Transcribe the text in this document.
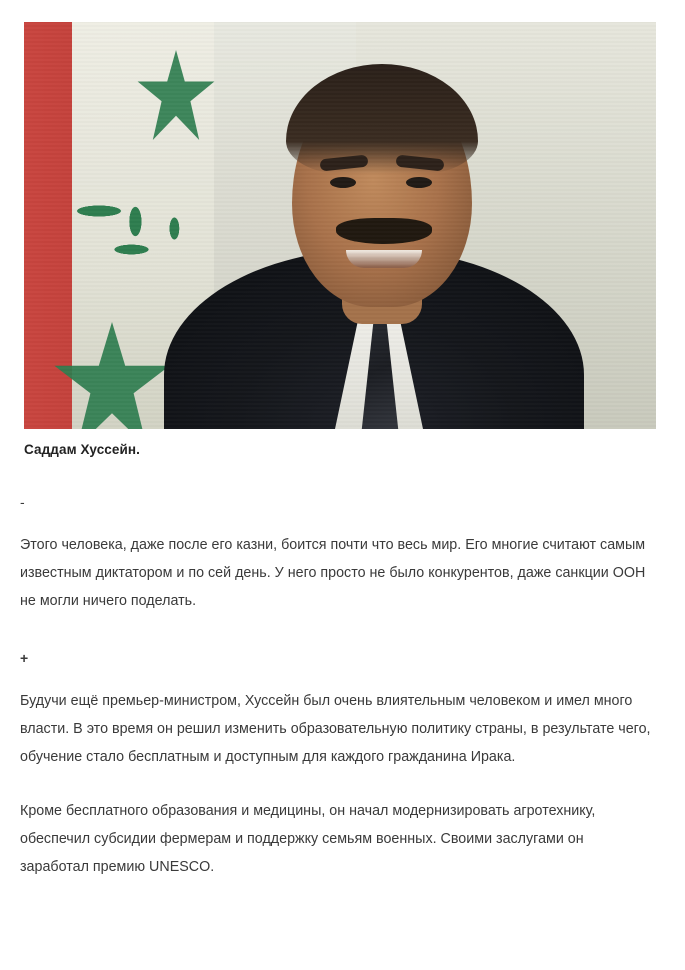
Саддам Хуссейн.
-

Этого человека, даже после его казни, боится почти что весь мир. Его многие считают самым известным диктатором и по сей день. У него просто не было конкурентов, даже санкции ООН не могли ничего поделать.

+

Будучи ещё премьер-министром, Хуссейн был очень влиятельным человеком и имел много власти. В это время он решил изменить образовательную политику страны, в результате чего, обучение стало бесплатным и доступным для каждого гражданина Ирака.

Кроме бесплатного образования и медицины, он начал модернизировать агротехнику, обеспечил субсидии фермерам и поддержку семьям военных. Своими заслугами он заработал премию UNESCO.
